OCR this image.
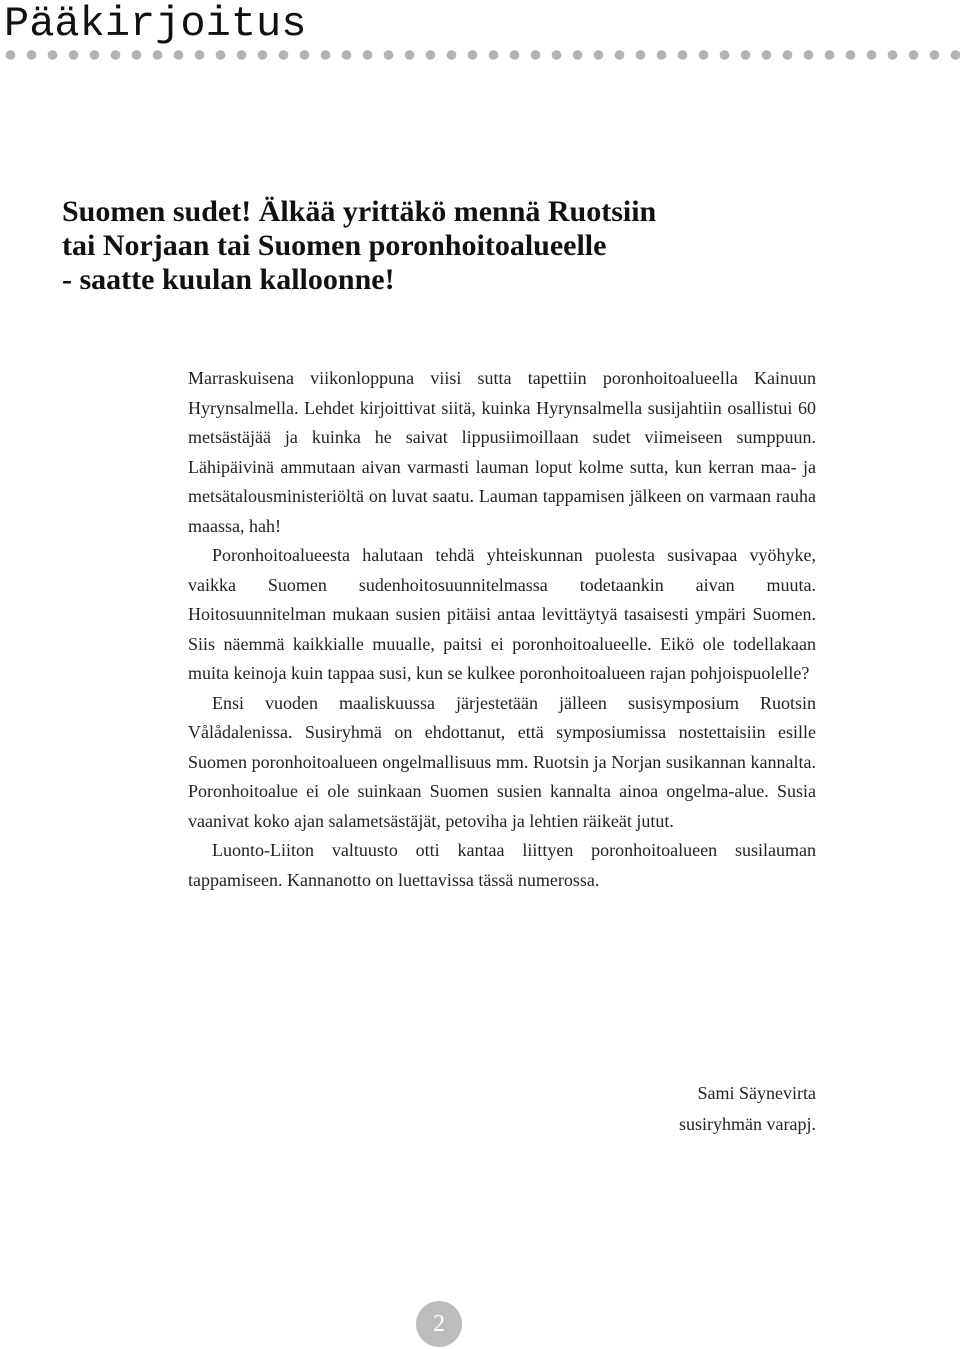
Pääkirjoitus
Suomen sudet! Älkää yrittäkö mennä Ruotsiin
tai Norjaan tai Suomen poronhoitoalueelle
- saatte kuulan kalloonne!

Marraskuisena viikonloppuna viisi sutta tapettiin poronhoitoalueella Kainuun Hyrynsalmella. Lehdet kirjoittivat siitä, kuinka Hyrynsalmella susijahtiin osallistui 60 metsästäjää ja kuinka he saivat lippusiimoillaan sudet viimeiseen sumppuun. Lähipäivinä ammutaan aivan varmasti lauman loput kolme sutta, kun kerran maa- ja metsätalousministeriöltä on luvat saatu. Lauman tappamisen jälkeen on varmaan rauha maassa, hah!

Poronhoitoalueesta halutaan tehdä yhteiskunnan puolesta susivapaa vyöhyke, vaikka Suomen sudenhoitosuunnitelmassa todetaankin aivan muuta. Hoitosuunnitelman mukaan susien pitäisi antaa levittäytyä tasaisesti ympäri Suomen. Siis näemmä kaikkialle muualle, paitsi ei poronhoitoalueelle. Eikö ole todellakaan muita keinoja kuin tappaa susi, kun se kulkee poronhoitoalueen rajan pohjoispuolelle?

Ensi vuoden maaliskuussa järjestetään jälleen susisymposium Ruotsin Vålådalenissa. Susiryhmä on ehdottanut, että symposiumissa nostettaisiin esille Suomen poronhoitoalueen ongelmallisuus mm. Ruotsin ja Norjan susikannan kannalta. Poronhoitoalue ei ole suinkaan Suomen susien kannalta ainoa ongelma-alue. Susia vaanivat koko ajan salametsästäjät, petoviha ja lehtien räikeät jutut.

Luonto-Liiton valtuusto otti kantaa liittyen poronhoitoalueen susilauman tappamiseen. Kannanotto on luettavissa tässä numerossa.

Sami Säynevirta
susiryhmän varapj.
2
